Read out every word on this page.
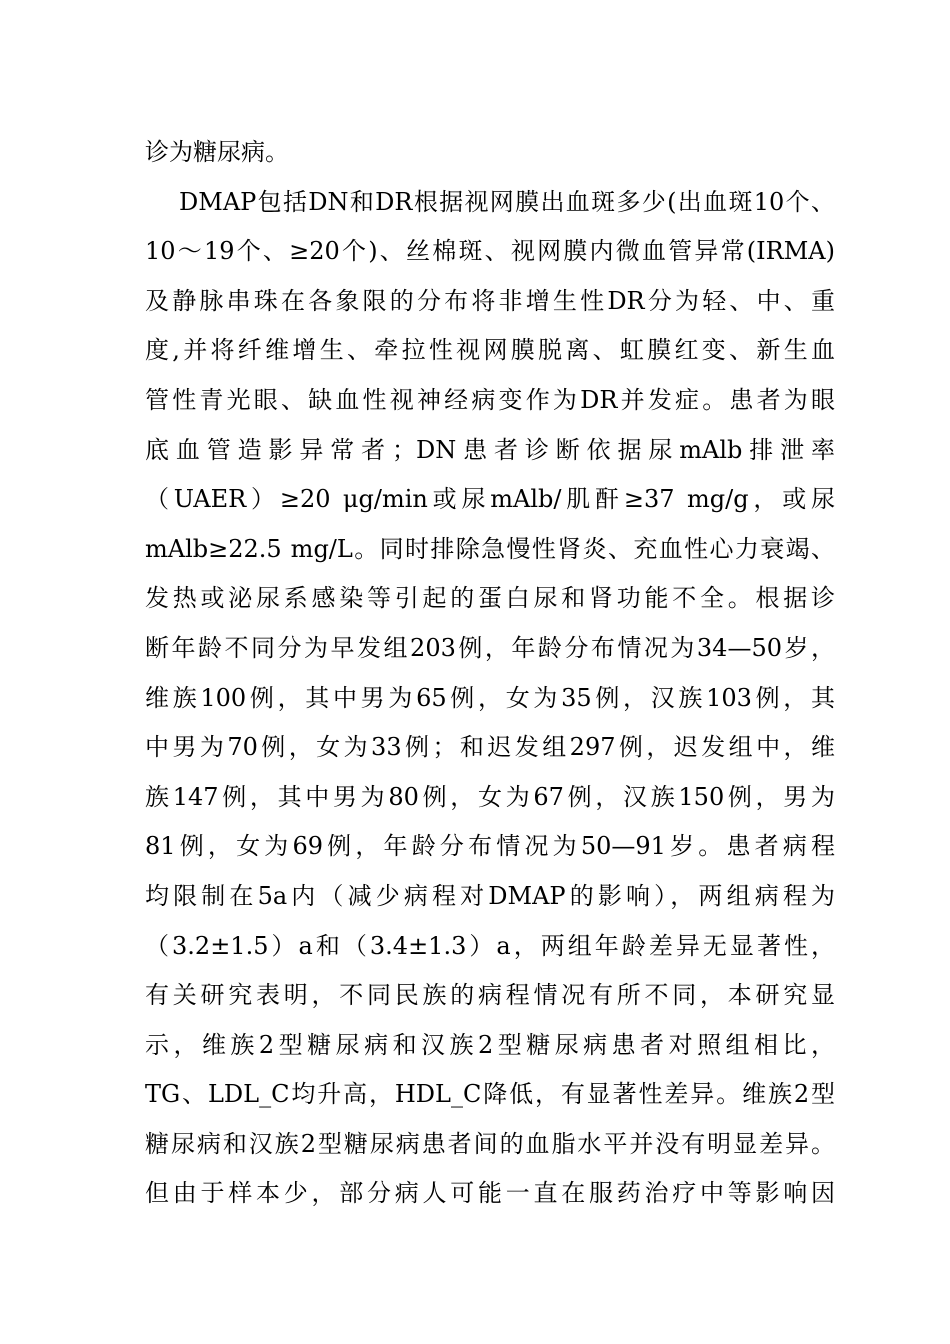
诊为糖尿病。
DMAP包括DN和DR根据视网膜出血斑多少(出血斑10个、
10～19个、≥20个)、丝棉斑、视网膜内微血管异常(IRMA)
及静脉串珠在各象限的分布将非增生性DR分为轻、中、重
度,并将纤维增生、牵拉性视网膜脱离、虹膜红变、新生血
管性青光眼、缺血性视神经病变作为DR并发症。患者为眼
底血管造影异常者；DN患者诊断依据尿mAlb排泄率
（UAER）≥20 μg/min或尿mAlb/肌酐≥37 mg/g，或尿
mAlb≥22.5 mg/L。同时排除急慢性肾炎、充血性心力衰竭、
发热或泌尿系感染等引起的蛋白尿和肾功能不全。根据诊
断年龄不同分为早发组203例，年龄分布情况为34—50岁，
维族100例，其中男为65例，女为35例，汉族103例，其
中男为70例，女为33例；和迟发组297例，迟发组中，维
族147例，其中男为80例，女为67例，汉族150例，男为
81例，女为69例，年龄分布情况为50—91岁。患者病程
均限制在5a内（减少病程对DMAP的影响），两组病程为
（3.2±1.5）a和（3.4±1.3）a，两组年龄差异无显著性，
有关研究表明，不同民族的病程情况有所不同，本研究显
示，维族2型糖尿病和汉族2型糖尿病患者对照组相比，
TG、LDL_C均升高，HDL_C降低，有显著性差异。维族2型
糖尿病和汉族2型糖尿病患者间的血脂水平并没有明显差异。
但由于样本少，部分病人可能一直在服药治疗中等影响因
